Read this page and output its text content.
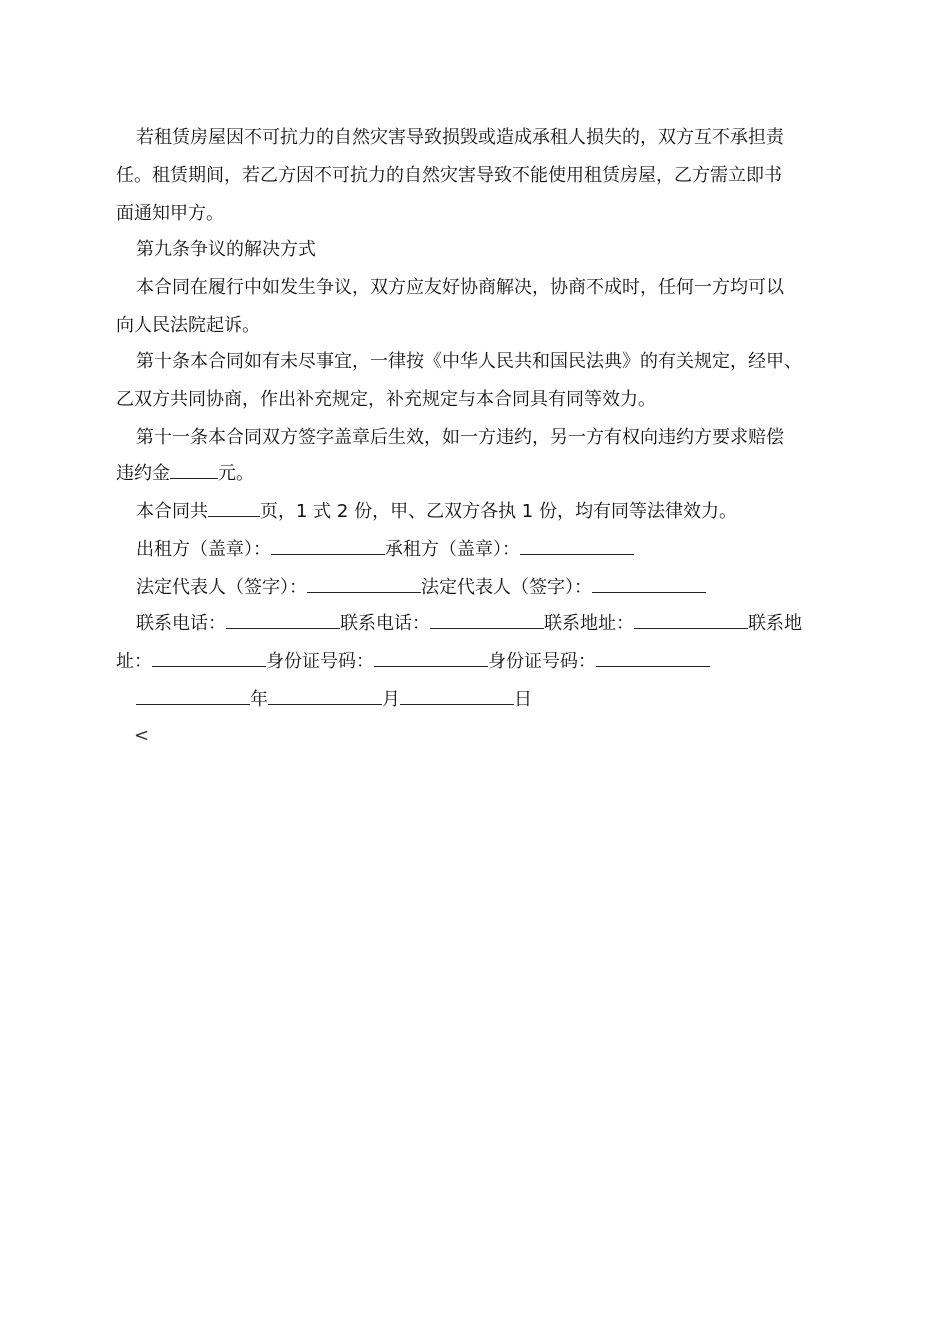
若租赁房屋因不可抗力的自然灾害导致损毁或造成承租人损失的，双方互不承担责
任。租赁期间，若乙方因不可抗力的自然灾害导致不能使用租赁房屋，乙方需立即书
面通知甲方。
第九条争议的解决方式
本合同在履行中如发生争议，双方应友好协商解决，协商不成时，任何一方均可以
向人民法院起诉。
第十条本合同如有未尽事宜，一律按《中华人民共和国民法典》的有关规定，经甲、
乙双方共同协商，作出补充规定，补充规定与本合同具有同等效力。
第十一条本合同双方签字盖章后生效，如一方违约，另一方有权向违约方要求赔偿
违约金	元。
本合同共	页，1 式 2 份，甲、乙双方各执 1 份，均有同等法律效力。
出租方（盖章）：	承租方（盖章）：
法定代表人（签字）：	法定代表人（签字）：
联系电话：	联系电话：	联系地址：	联系地
址：	身份证号码：	身份证号码：
年	月	日
<
